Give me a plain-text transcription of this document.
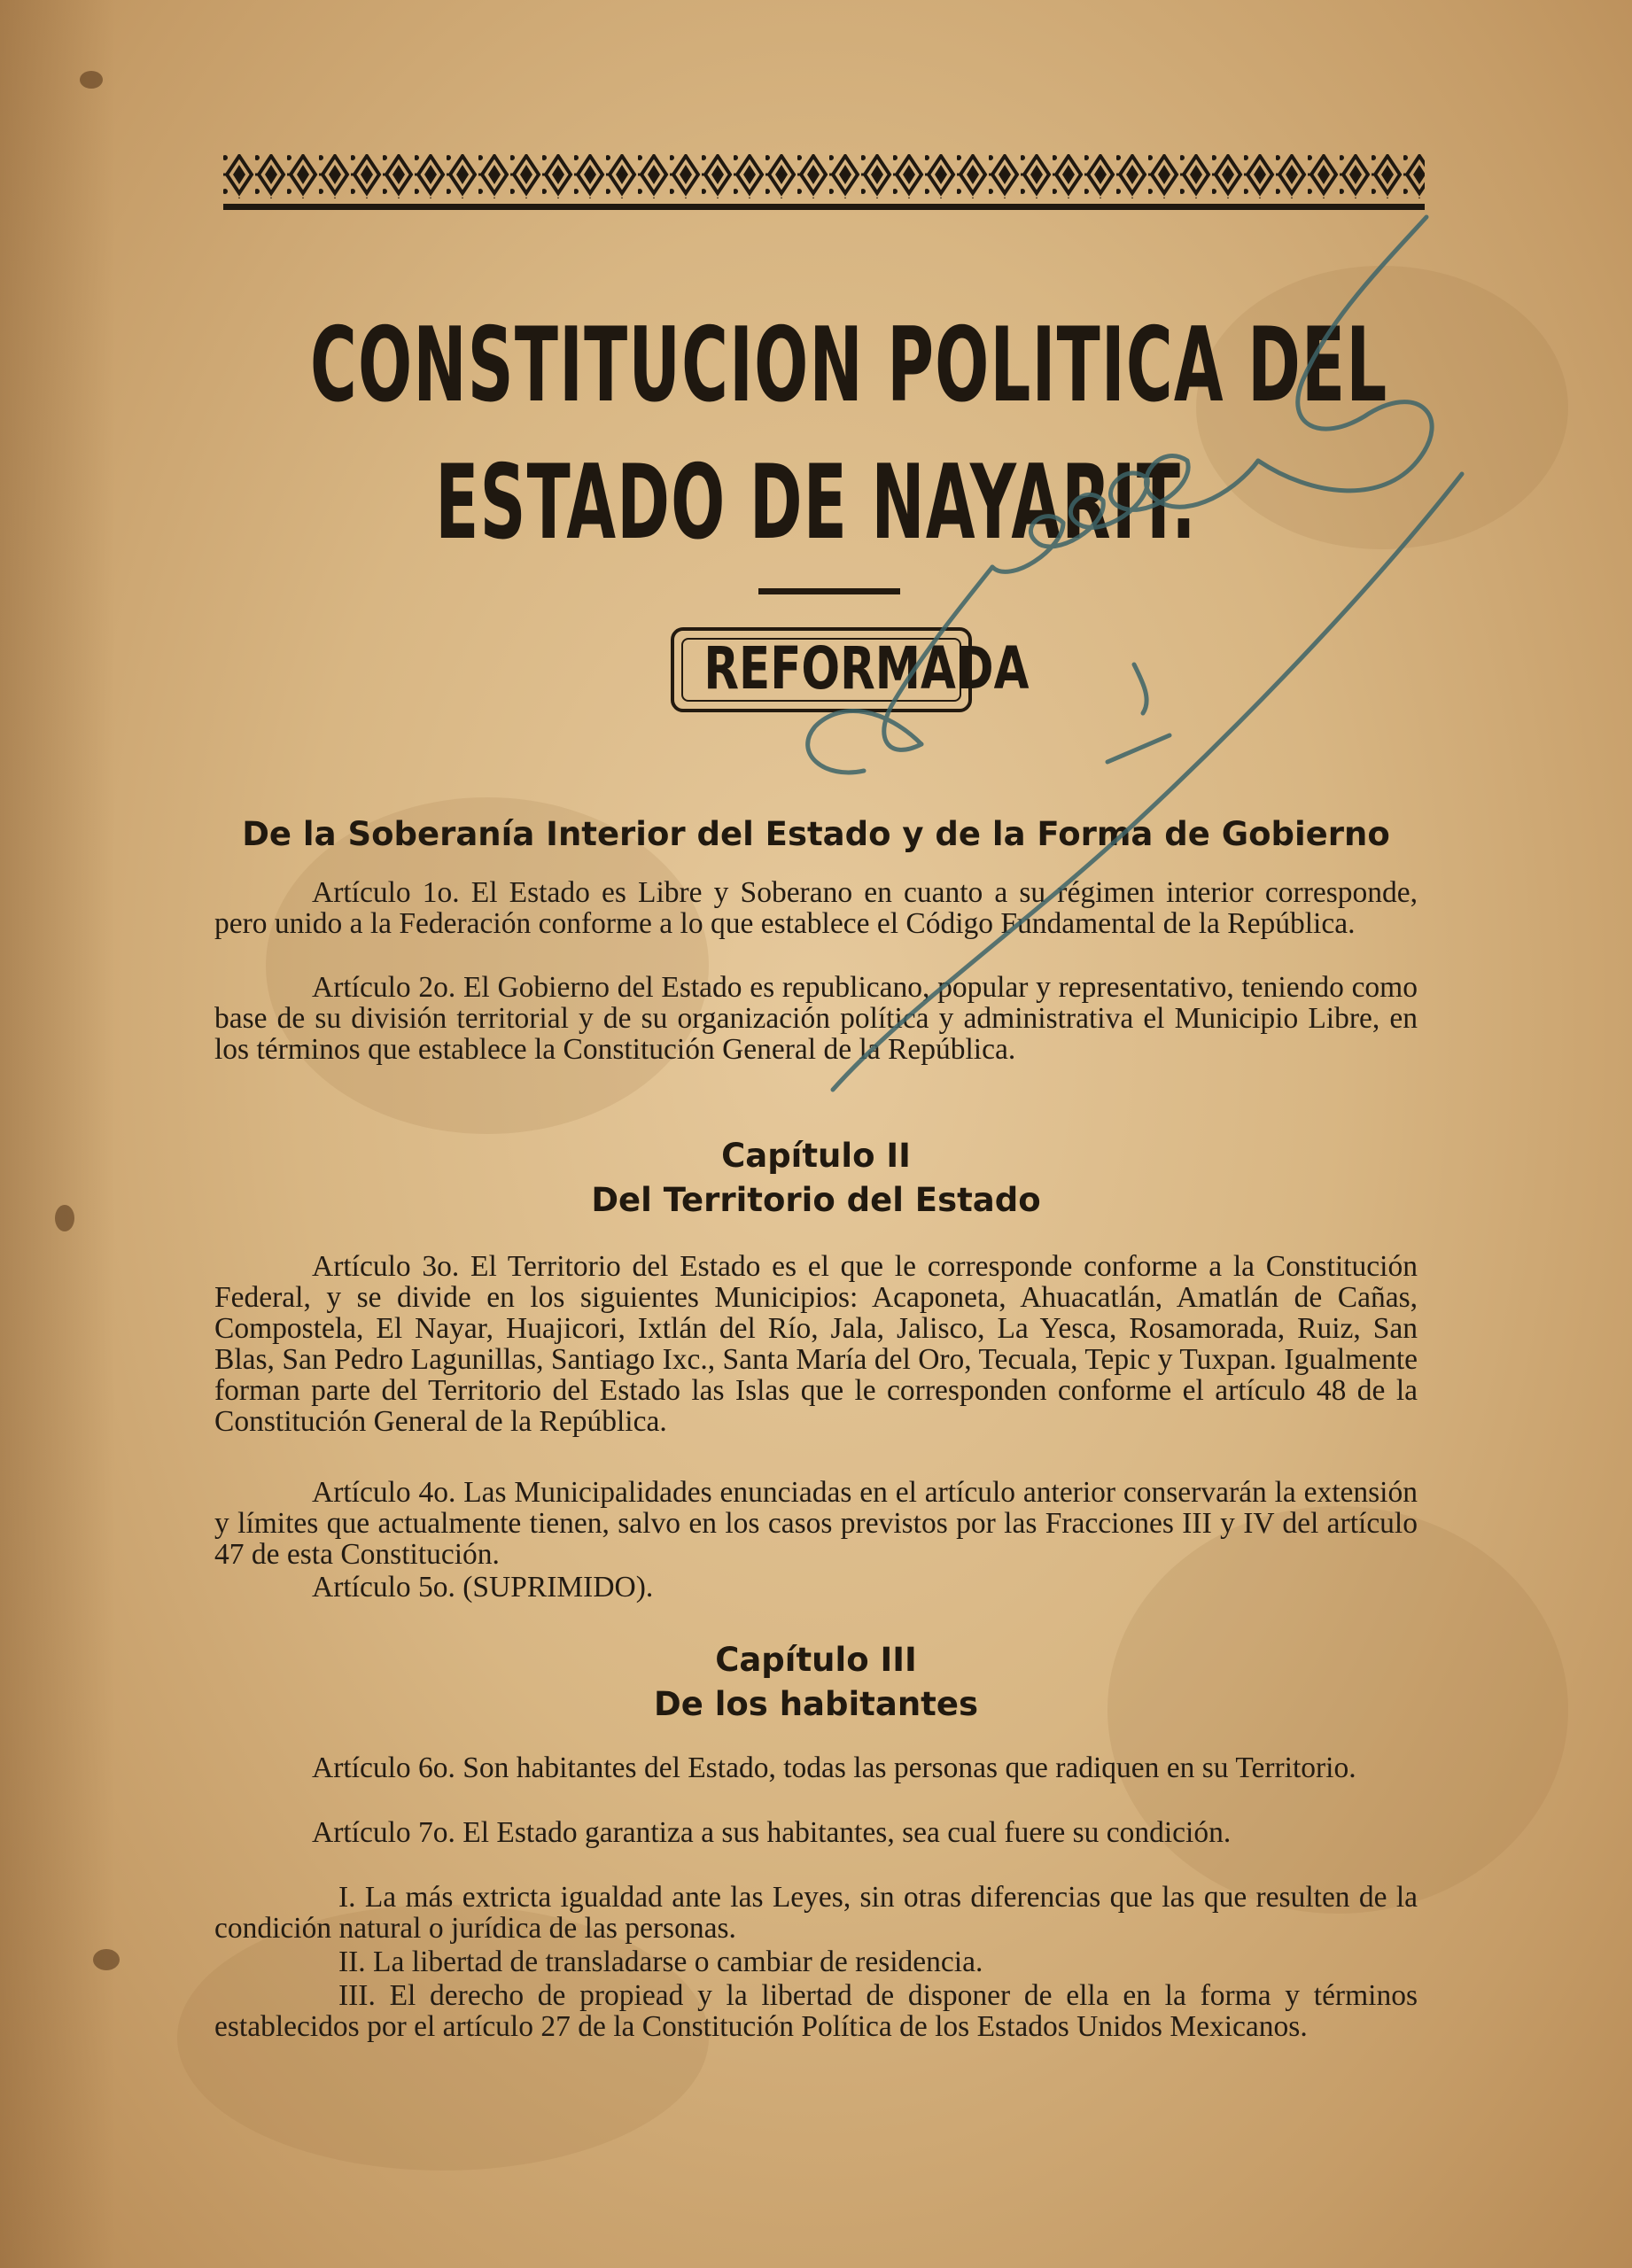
CONSTITUCION POLITICA DEL
ESTADO DE NAYARIT.
REFORMADA
De la Soberanía Interior del Estado y de la Forma de Gobierno
Artículo 1o. El Estado es Libre y Soberano en cuanto a su régimen interior corresponde, pero unido a la Federación conforme a lo que establece el Código Fundamental de la República.
Artículo 2o. El Gobierno del Estado es republicano, popular y representativo, teniendo como base de su división territorial y de su organización política y administrativa el Municipio Libre, en los términos que establece la Constitución General de la República.
Capítulo II
Del Territorio del Estado
Artículo 3o. El Territorio del Estado es el que le corresponde conforme a la Constitución Federal, y se divide en los siguientes Municipios: Acaponeta, Ahuacatlán, Amatlán de Cañas, Compostela, El Nayar, Huajicori, Ixtlán del Río, Jala, Jalisco, La Yesca, Rosamorada, Ruiz, San Blas, San Pedro Lagunillas, Santiago Ixc., Santa María del Oro, Tecuala, Tepic y Tuxpan. Igualmente forman parte del Territorio del Estado las Islas que le corresponden conforme el artículo 48 de la Constitución General de la República.
Artículo 4o. Las Municipalidades enunciadas en el artículo anterior conservarán la extensión y límites que actualmente tienen, salvo en los casos previstos por las Fracciones III y IV del artículo 47 de esta Constitución.
Artículo 5o. (SUPRIMIDO).
Capítulo III
De los habitantes
Artículo 6o. Son habitantes del Estado, todas las personas que radiquen en su Territorio.
Artículo 7o. El Estado garantiza a sus habitantes, sea cual fuere su condición.
I. La más extricta igualdad ante las Leyes, sin otras diferencias que las que resulten de la condición natural o jurídica de las personas.
II. La libertad de transladarse o cambiar de residencia.
III. El derecho de propiead y la libertad de disponer de ella en la forma y términos establecidos por el artículo 27 de la Constitución Política de los Estados Unidos Mexicanos.
